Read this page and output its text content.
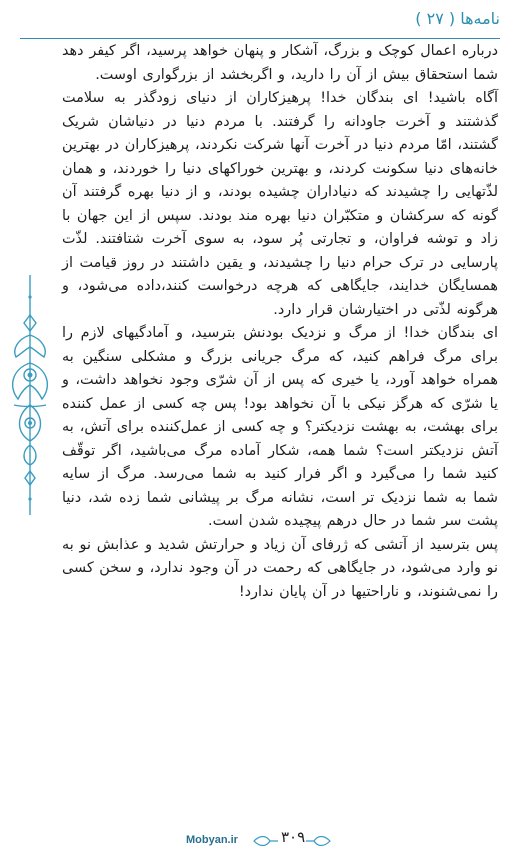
نامه‌ها ( ۲۷ )

درباره اعمال کوچک و بزرگ، آشکار و پنهان خواهد پرسید، اگر کیفر دهد شما استحقاق بیش از آن را دارید، و اگربخشد از بزرگواری اوست.

آگاه باشید! ای بندگان خدا! پرهیزکاران از دنیای زودگذر به سلامت گذشتند و آخرت جاودانه را گرفتند. با مردم دنیا در دنیاشان شریک گشتند، امّا مردم دنیا در آخرت آنها شرکت نکردند، پرهیزکاران در بهترین خانه‌های دنیا سکونت کردند، و بهترین خوراکهای دنیا را خوردند، و همان لذّتهایی را چشیدند که دنیاداران چشیده بودند، و از دنیا بهره گرفتند آن گونه که سرکشان و متکبّران دنیا بهره مند بودند. سپس از این جهان با زاد و توشه فراوان، و تجارتی پُر سود، به سوی آخرت شتافتند. لذّت پارسایی در ترک حرام دنیا را چشیدند، و یقین داشتند در روز قیامت از همسایگان خدایند، جایگاهی که هرچه درخواست کنند،داده می‌شود، و هرگونه لذّتی در اختیارشان قرار دارد.

ای بندگان خدا! از مرگ و نزدیک بودنش بترسید، و آمادگیهای لازم را برای مرگ فراهم کنید، که مرگ جریانی بزرگ و مشکلی سنگین به همراه خواهد آورد، یا خیری که پس از آن شرّی وجود نخواهد داشت، و یا شرّی که هرگز نیکی با آن نخواهد بود! پس چه کسی از عمل کننده برای بهشت، به بهشت نزدیکتر؟ و چه کسی از عمل‌کننده برای آتش، به آتش نزدیکتر است؟ شما همه، شکار آماده مرگ می‌باشید، اگر توقّف کنید شما را می‌گیرد و اگر فرار کنید به شما می‌رسد. مرگ از سایه شما به شما نزدیک تر است، نشانه مرگ بر پیشانی شما زده شد، دنیا پشت سر شما در حال درهم پیچیده شدن است.

پس بترسید از آتشی که ژرفای آن زیاد و حرارتش شدید و عذابش نو به نو وارد می‌شود، در جایگاهی که رحمت در آن وجود ندارد، و سخن کسی را نمی‌شنوند، و ناراحتیها در آن پایان ندارد!

Mobyan.ir	۳۰۹
